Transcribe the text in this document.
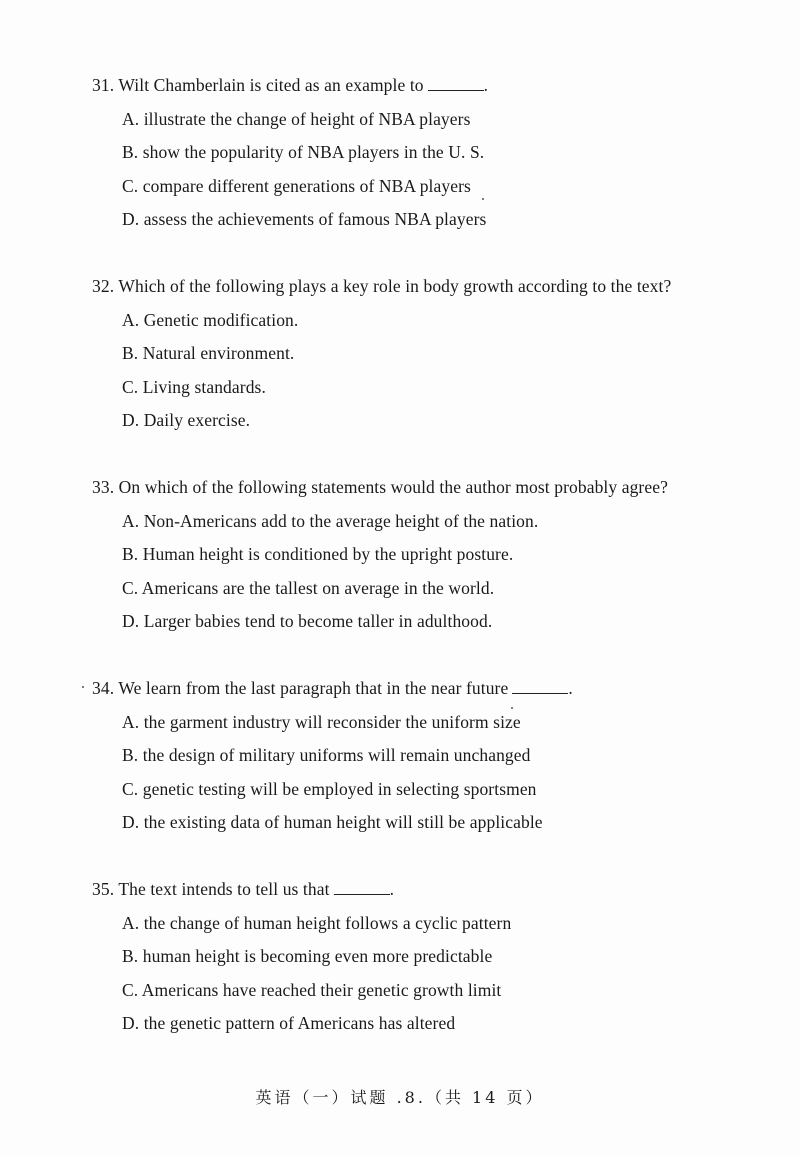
31. Wilt Chamberlain is cited as an example to	.
A. illustrate the change of height of NBA players
B. show the popularity of NBA players in the U. S.
C. compare different generations of NBA players
D. assess the achievements of famous NBA players
32. Which of the following plays a key role in body growth according to the text?
A. Genetic modification.
B. Natural environment.
C. Living standards.
D. Daily exercise.
33. On which of the following statements would the author most probably agree?
A. Non-Americans add to the average height of the nation.
B. Human height is conditioned by the upright posture.
C. Americans are the tallest on average in the world.
D. Larger babies tend to become taller in adulthood.
34. We learn from the last paragraph that in the near future	.
A. the garment industry will reconsider the uniform size
B. the design of military uniforms will remain unchanged
C. genetic testing will be employed in selecting sportsmen
D. the existing data of human height will still be applicable
35. The text intends to tell us that	.
A. the change of human height follows a cyclic pattern
B. human height is becoming even more predictable
C. Americans have reached their genetic growth limit
D. the genetic pattern of Americans has altered
英语（一）试题 .8.（共 14 页）
